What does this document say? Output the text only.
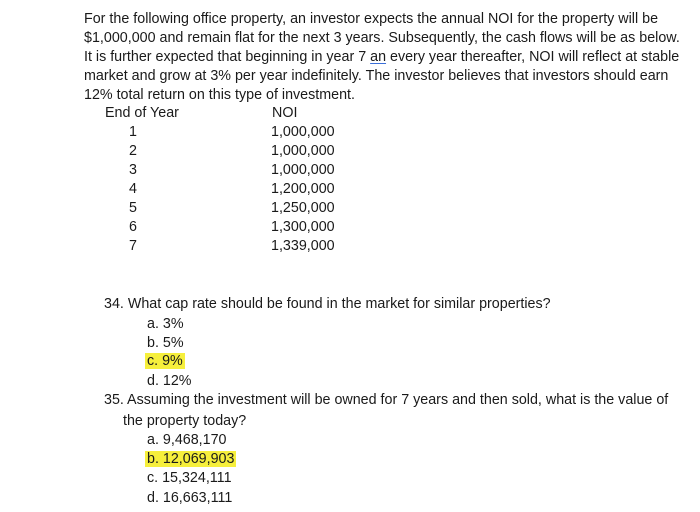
For the following office property, an investor expects the annual NOI for the property will be
$1,000,000 and remain flat for the next 3 years. Subsequently, the cash flows will be as below.
It is further expected that beginning in year 7 an every year thereafter, NOI will reflect at stable
market and grow at 3% per year indefinitely. The investor believes that investors should earn
12% total return on this type of investment.
End of Year	NOI
1
2
3
4
5
6
7
1,000,000
1,000,000
1,000,000
1,200,000
1,250,000
1,300,000
1,339,000
34. What cap rate should be found in the market for similar properties?
a. 3%
b. 5%
c. 9%
d. 12%
35. Assuming the investment will be owned for 7 years and then sold, what is the value of
the property today?
a. 9,468,170
b. 12,069,903
c. 15,324,111
d. 16,663,111
